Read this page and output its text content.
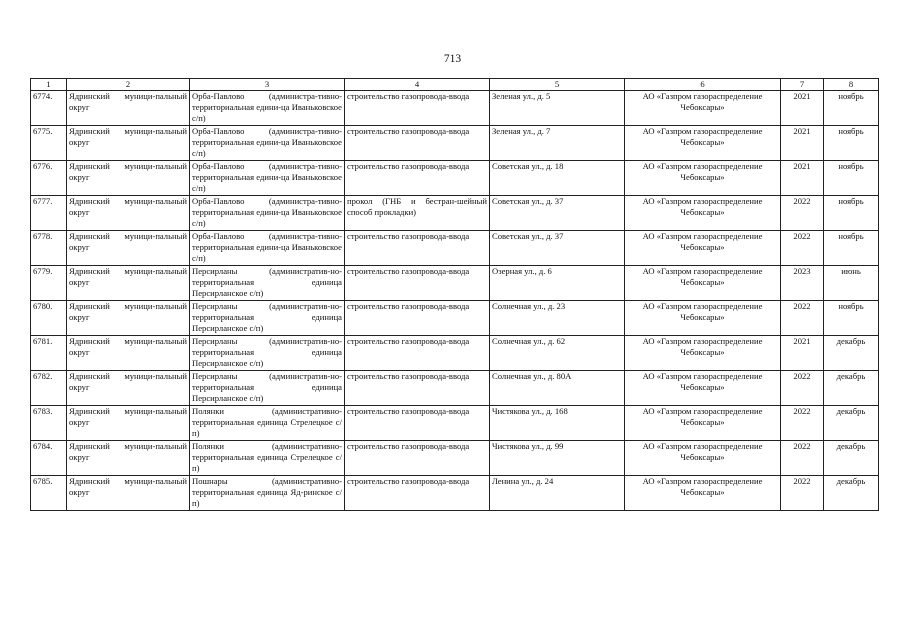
713
1	2	3	4	5	6	7	8
6774.	Ядринский муници-пальный округ	Орба-Павлово (администра-тивно-территориальная едини-ца Иваньковское с/п)	строительство газопровода-ввода	Зеленая ул., д. 5	АО «Газпром газораспределение Чебоксары»	2021	ноябрь
6775.	Ядринский муници-пальный округ	Орба-Павлово (администра-тивно-территориальная едини-ца Иваньковское с/п)	строительство газопровода-ввода	Зеленая ул., д. 7	АО «Газпром газораспределение Чебоксары»	2021	ноябрь
6776.	Ядринский муници-пальный округ	Орба-Павлово (администра-тивно-территориальная едини-ца Иваньковское с/п)	строительство газопровода-ввода	Советская ул., д. 18	АО «Газпром газораспределение Чебоксары»	2021	ноябрь
6777.	Ядринский муници-пальный округ	Орба-Павлово (администра-тивно-территориальная едини-ца Иваньковское с/п)	прокол (ГНБ и бестран-шейный способ прокладки)	Советская ул., д. 37	АО «Газпром газораспределение Чебоксары»	2022	ноябрь
6778.	Ядринский муници-пальный округ	Орба-Павлово (администра-тивно-территориальная едини-ца Иваньковское с/п)	строительство газопровода-ввода	Советская ул., д. 37	АО «Газпром газораспределение Чебоксары»	2022	ноябрь
6779.	Ядринский муници-пальный округ	Персирланы (административ-но-территориальная единица Персирланское с/п)	строительство газопровода-ввода	Озерная ул., д. 6	АО «Газпром газораспределение Чебоксары»	2023	июнь
6780.	Ядринский муници-пальный округ	Персирланы (административ-но-территориальная единица Персирланское с/п)	строительство газопровода-ввода	Солнечная ул., д. 23	АО «Газпром газораспределение Чебоксары»	2022	ноябрь
6781.	Ядринский муници-пальный округ	Персирланы (административ-но-территориальная единица Персирланское с/п)	строительство газопровода-ввода	Солнечная ул., д. 62	АО «Газпром газораспределение Чебоксары»	2021	декабрь
6782.	Ядринский муници-пальный округ	Персирланы (административ-но-территориальная единица Персирланское с/п)	строительство газопровода-ввода	Солнечная ул., д. 80А	АО «Газпром газораспределение Чебоксары»	2022	декабрь
6783.	Ядринский муници-пальный округ	Полянки (административно-территориальная единица Стрелецкое с/п)	строительство газопровода-ввода	Чистякова ул., д. 168	АО «Газпром газораспределение Чебоксары»	2022	декабрь
6784.	Ядринский муници-пальный округ	Полянки (административно-территориальная единица Стрелецкое с/п)	строительство газопровода-ввода	Чистякова ул., д. 99	АО «Газпром газораспределение Чебоксары»	2022	декабрь
6785.	Ядринский муници-пальный округ	Пошнары (административно-территориальная единица Яд-ринское с/п)	строительство газопровода-ввода	Ленина ул., д. 24	АО «Газпром газораспределение Чебоксары»	2022	декабрь
